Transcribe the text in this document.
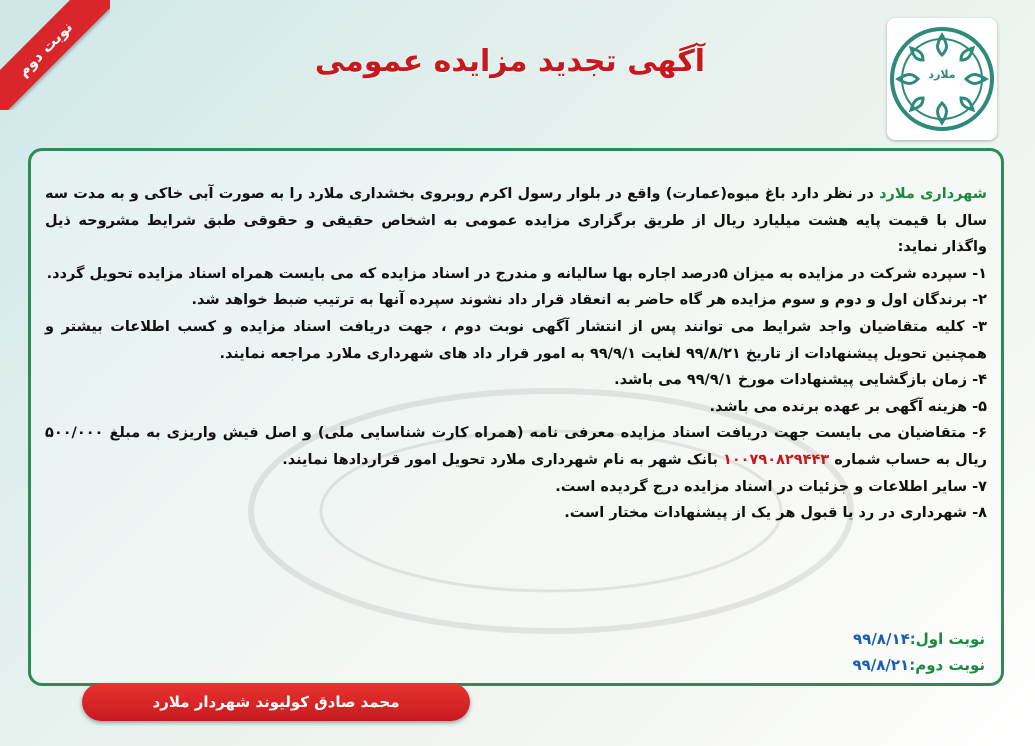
نوبت دوم	آگهی تجدید مزایده عمومی	ملارد

شهرداری ملارد در نظر دارد باغ میوه(عمارت) واقع در بلوار رسول اکرم روبروی بخشداری ملارد را به صورت آبی خاکی و به مدت سه سال با قیمت پایه هشت میلیارد ریال از طریق برگزاری مزایده عمومی به اشخاص حقیقی و حقوقی طبق شرایط مشروحه ذیل واگذار نماید:

۱- سپرده شرکت در مزایده به میزان ۵درصد اجاره بها سالیانه و مندرج در اسناد مزایده که می بایست همراه اسناد مزایده تحویل گردد.

۲- برندگان اول و دوم و سوم مزایده هر گاه حاضر به انعقاد قرار داد نشوند سپرده آنها به ترتیب ضبط خواهد شد.

۳- کلیه متقاضیان واجد شرایط می توانند پس از انتشار آگهی نوبت دوم ، جهت دریافت اسناد مزایده و کسب اطلاعات بیشتر و همچنین تحویل پیشنهادات از تاریخ ۹۹/۸/۲۱ لغایت ۹۹/۹/۱ به امور قرار داد های شهرداری ملارد مراجعه نمایند.

۴- زمان بازگشایی پیشنهادات مورخ ۹۹/۹/۱ می باشد.

۵- هزینه آگهی بر عهده برنده می باشد.

۶- متقاضیان می بایست جهت دریافت اسناد مزایده معرفی نامه (همراه کارت شناسایی ملی) و اصل فیش واریزی به مبلغ ۵۰۰/۰۰۰ ریال به حساب شماره ۱۰۰۷۹۰۸۲۹۴۴۳ بانک شهر به نام شهرداری ملارد تحویل امور قراردادها نمایند.

۷- سایر اطلاعات و جزئیات در اسناد مزایده درج گردیده است.

۸- شهرداری در رد یا قبول هر یک از پیشنهادات مختار است.

نوبت اول:۹۹/۸/۱۴
نوبت دوم:۹۹/۸/۲۱
محمد صادق کولیوند شهردار ملارد
